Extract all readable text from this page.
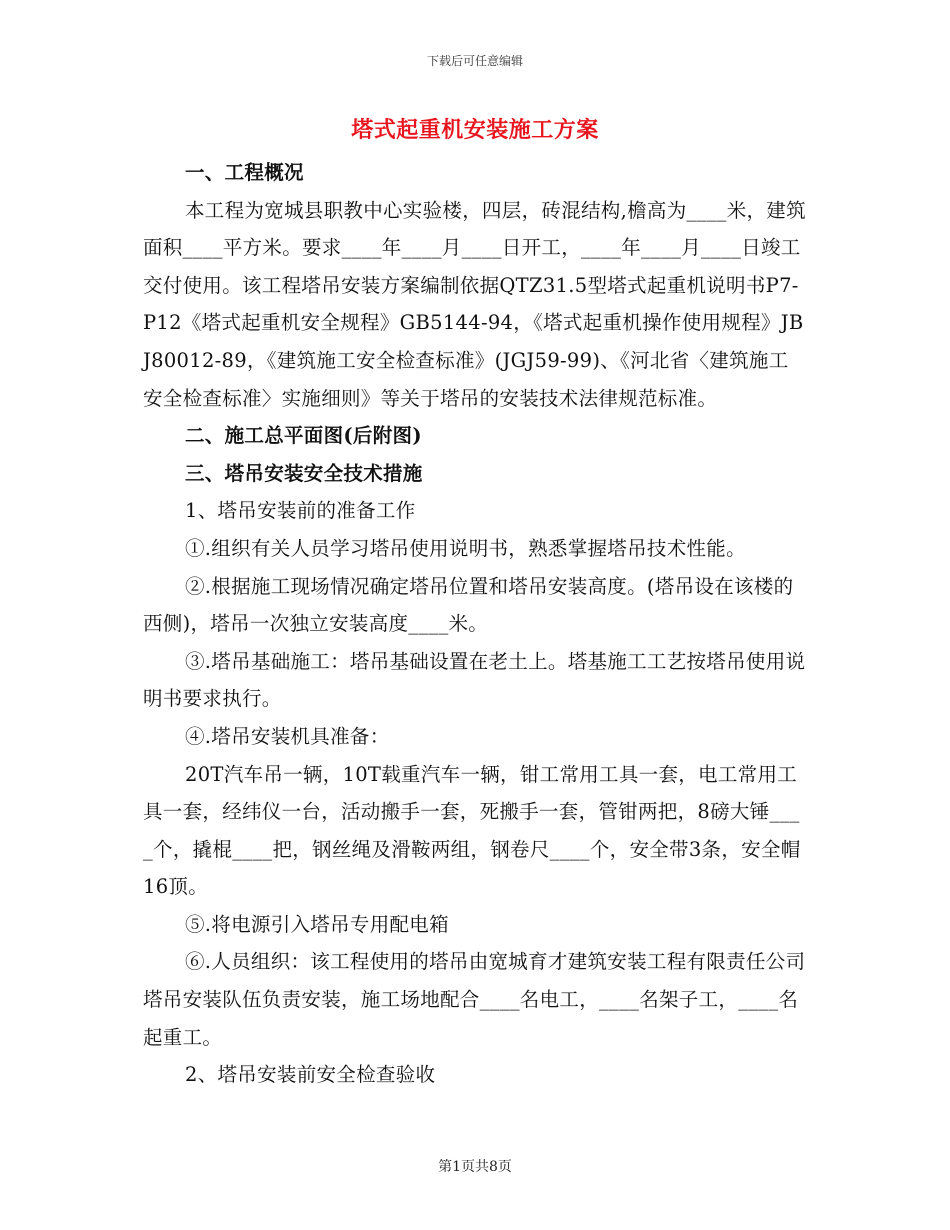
下载后可任意编辑
塔式起重机安装施工方案

一、工程概况

本工程为宽城县职教中心实验楼，四层，砖混结构,檐高为____米，建筑面积____平方米。要求____年____月____日开工，____年____月____日竣工交付使用。该工程塔吊安装方案编制依据QTZ31.5型塔式起重机说明书P7-P12《塔式起重机安全规程》GB5144-94，《塔式起重机操作使用规程》JBJ80012-89，《建筑施工安全检查标准》(JGJ59-99)、《河北省〈建筑施工安全检查标准〉实施细则》等关于塔吊的安装技术法律规范标准。

二、施工总平面图(后附图)

三、塔吊安装安全技术措施

1、塔吊安装前的准备工作

①.组织有关人员学习塔吊使用说明书，熟悉掌握塔吊技术性能。

②.根据施工现场情况确定塔吊位置和塔吊安装高度。(塔吊设在该楼的西侧)，塔吊一次独立安装高度____米。

③.塔吊基础施工：塔吊基础设置在老土上。塔基施工工艺按塔吊使用说明书要求执行。

④.塔吊安装机具准备：

20T汽车吊一辆，10T载重汽车一辆，钳工常用工具一套，电工常用工具一套，经纬仪一台，活动搬手一套，死搬手一套，管钳两把，8磅大锤____个，撬棍____把，钢丝绳及滑鞍两组，钢卷尺____个，安全带3条，安全帽16顶。

⑤.将电源引入塔吊专用配电箱

⑥.人员组织：该工程使用的塔吊由宽城育才建筑安装工程有限责任公司塔吊安装队伍负责安装，施工场地配合____名电工，____名架子工，____名起重工。

2、塔吊安装前安全检查验收

第1页共8页
